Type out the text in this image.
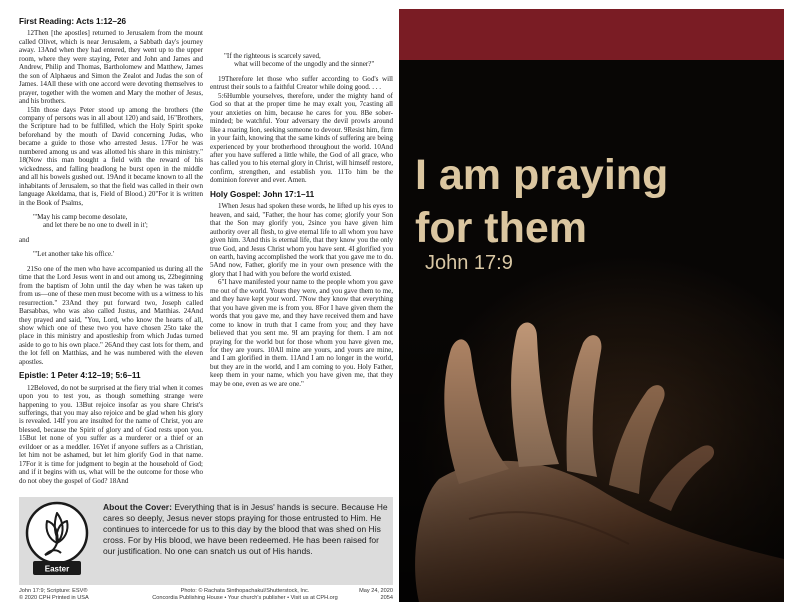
First Reading: Acts 1:12–26

12Then [the apostles] returned to Jerusalem from the mount called Olivet, which is near Jerusalem, a Sabbath day's journey away. 13And when they had entered, they went up to the upper room, where they were staying, Peter and John and James and Andrew, Philip and Thomas, Bartholomew and Matthew, James the son of Alphaeus and Simon the Zealot and Judas the son of James. 14All these with one accord were devoting themselves to prayer, together with the women and Mary the mother of Jesus, and his brothers.

15In those days Peter stood up among the brothers (the company of persons was in all about 120) and said, 16"Brothers, the Scripture had to be fulfilled, which the Holy Spirit spoke beforehand by the mouth of David concerning Judas, who became a guide to those who arrested Jesus. 17For he was numbered among us and was allotted his share in this ministry." 18(Now this man bought a field with the reward of his wickedness, and falling headlong he burst open in the middle and all his bowels gushed out. 19And it became known to all the inhabitants of Jerusalem, so that the field was called in their own language Akeldama, that is, Field of Blood.) 20"For it is written in the Book of Psalms,

"'May his camp become desolate,
and let there be no one to dwell in it';

and

"'Let another take his office.'

21So one of the men who have accompanied us during all the time that the Lord Jesus went in and out among us, 22beginning from the baptism of John until the day when he was taken up from us—one of these men must become with us a witness to his resurrection." 23And they put forward two, Joseph called Barsabbas, who was also called Justus, and Matthias. 24And they prayed and said, "You, Lord, who know the hearts of all, show which one of these two you have chosen 25to take the place in this ministry and apostleship from which Judas turned aside to go to his own place." 26And they cast lots for them, and the lot fell on Matthias, and he was numbered with the eleven apostles.

Epistle: 1 Peter 4:12–19; 5:6–11

12Beloved, do not be surprised at the fiery trial when it comes upon you to test you, as though something strange were happening to you. 13But rejoice insofar as you share Christ's sufferings, that you may also rejoice and be glad when his glory is revealed. 14If you are insulted for the name of Christ, you are blessed, because the Spirit of glory and of God rests upon you. 15But let none of you suffer as a murderer or a thief or an evildoer or as a meddler. 16Yet if anyone suffers as a Christian, let him not be ashamed, but let him glorify God in that name. 17For it is time for judgment to begin at the household of God; and if it begins with us, what will be the outcome for those who do not obey the gospel of God? 18And

"If the righteous is scarcely saved,
what will become of the ungodly and the sinner?"

19Therefore let those who suffer according to God's will entrust their souls to a faithful Creator while doing good. . . .

5:6Humble yourselves, therefore, under the mighty hand of God so that at the proper time he may exalt you, 7casting all your anxieties on him, because he cares for you. 8Be sober-minded; be watchful. Your adversary the devil prowls around like a roaring lion, seeking someone to devour. 9Resist him, firm in your faith, knowing that the same kinds of suffering are being experienced by your brotherhood throughout the world. 10And after you have suffered a little while, the God of all grace, who has called you to his eternal glory in Christ, will himself restore, confirm, strengthen, and establish you. 11To him be the dominion forever and ever. Amen.

Holy Gospel: John 17:1–11

1When Jesus had spoken these words, he lifted up his eyes to heaven, and said, "Father, the hour has come; glorify your Son that the Son may glorify you, 2since you have given him authority over all flesh, to give eternal life to all whom you have given him. 3And this is eternal life, that they know you the only true God, and Jesus Christ whom you have sent. 4I glorified you on earth, having accomplished the work that you gave me to do. 5And now, Father, glorify me in your own presence with the glory that I had with you before the world existed.

6"I have manifested your name to the people whom you gave me out of the world. Yours they were, and you gave them to me, and they have kept your word. 7Now they know that everything that you have given me is from you. 8For I have given them the words that you gave me, and they have received them and have come to know in truth that I came from you; and they have believed that you sent me. 9I am praying for them. I am not praying for the world but for those whom you have given me, for they are yours. 10All mine are yours, and yours are mine, and I am glorified in them. 11And I am no longer in the world, but they are in the world, and I am coming to you. Holy Father, keep them in your name, which you have given me, that they may be one, even as we are one."

I am praying
for them
John 17:9
Easter
About the Cover: Everything that is in Jesus' hands is secure. Because He cares so deeply, Jesus never stops praying for those entrusted to Him. He continues to intercede for us to this day by the blood that was shed on His cross. For by His blood, we have been redeemed. He has been raised for our justification. No one can snatch us out of His hands.
John 17:9; Scripture: ESV®
© 2020 CPH Printed in USA
Photo: © Rachata Sinthopachakul/Shutterstock, Inc.
Concordia Publishing House • Your church's publisher • Visit us at CPH.org
May 24, 2020
2054
